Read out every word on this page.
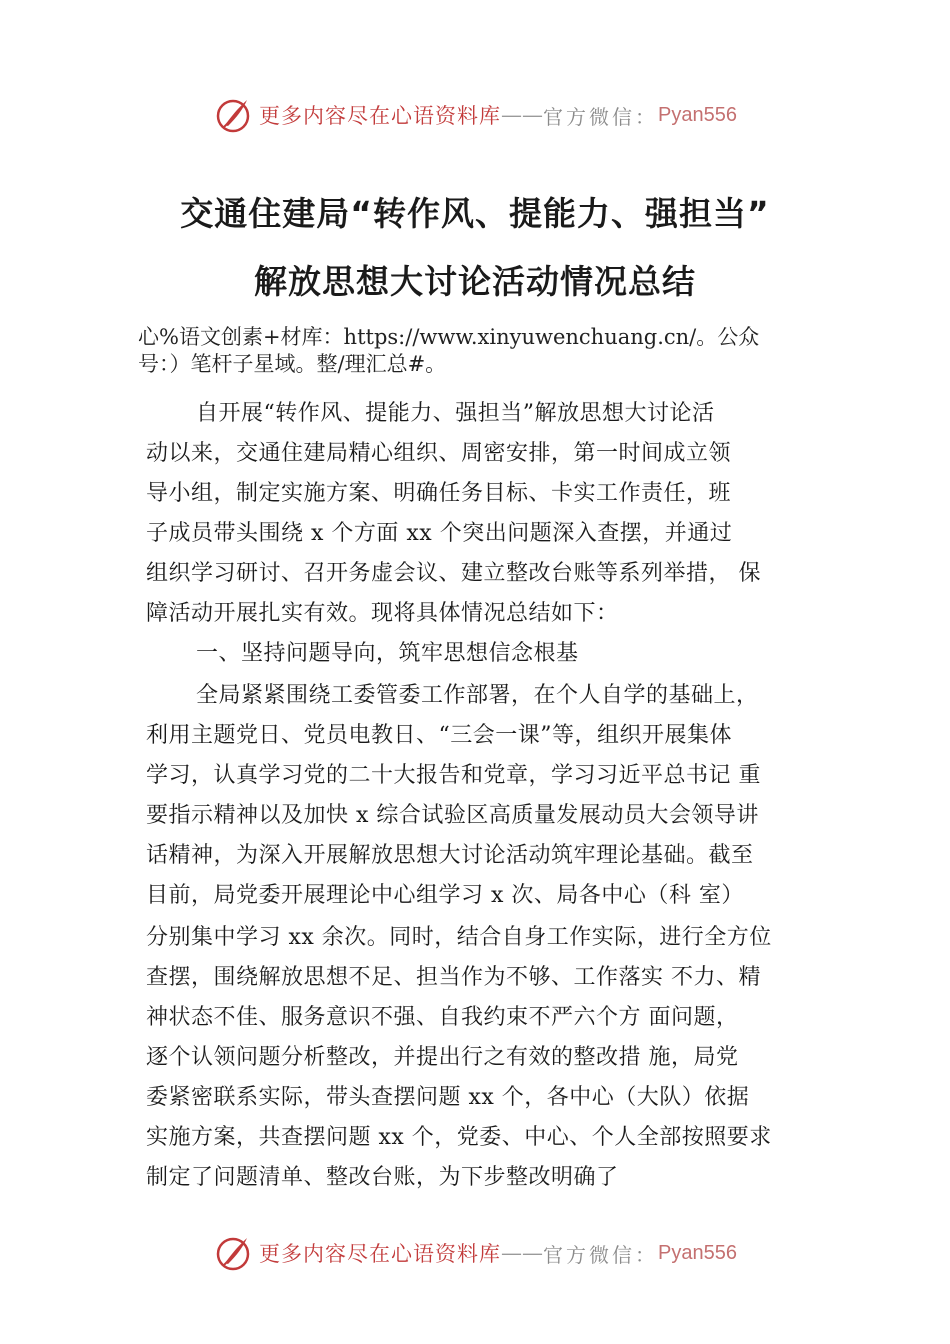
更多内容尽在心语资料库 —— 官方微信： Pyan556
交通住建局“转作风、提能力、强担当”
解放思想大讨论活动情况总结
心%语文创素+材库：https://www.xinyuwenchuang.cn/。公众
号：）笔杆子星域。整/理汇总#。
自开展“转作风、提能力、强担当”解放思想大讨论活
动以来，交通住建局精心组织、周密安排，第一时间成立领
导小组，制定实施方案、明确任务目标、卡实工作责任，班
子成员带头围绕 x 个方面 xx 个突出问题深入查摆，并通过
组织学习研讨、召开务虚会议、建立整改台账等系列举措， 保
障活动开展扎实有效。现将具体情况总结如下：
一、坚持问题导向，筑牢思想信念根基
全局紧紧围绕工委管委工作部署，在个人自学的基础上，
利用主题党日、党员电教日、“三会一课”等，组织开展集体
学习，认真学习党的二十大报告和党章，学习习近平总书记 重
要指示精神以及加快 x 综合试验区高质量发展动员大会领导讲
话精神，为深入开展解放思想大讨论活动筑牢理论基础。截至
目前，局党委开展理论中心组学习 x 次、局各中心（科 室）
分别集中学习 xx 余次。同时，结合自身工作实际，进行全方位
查摆，围绕解放思想不足、担当作为不够、工作落实 不力、精
神状态不佳、服务意识不强、自我约束不严六个方 面问题，
逐个认领问题分析整改，并提出行之有效的整改措 施，局党
委紧密联系实际，带头查摆问题 xx 个，各中心（大队）依据
实施方案，共查摆问题 xx 个，党委、中心、个人全部按照要求
制定了问题清单、整改台账，为下步整改明确了
更多内容尽在心语资料库 —— 官方微信： Pyan556
